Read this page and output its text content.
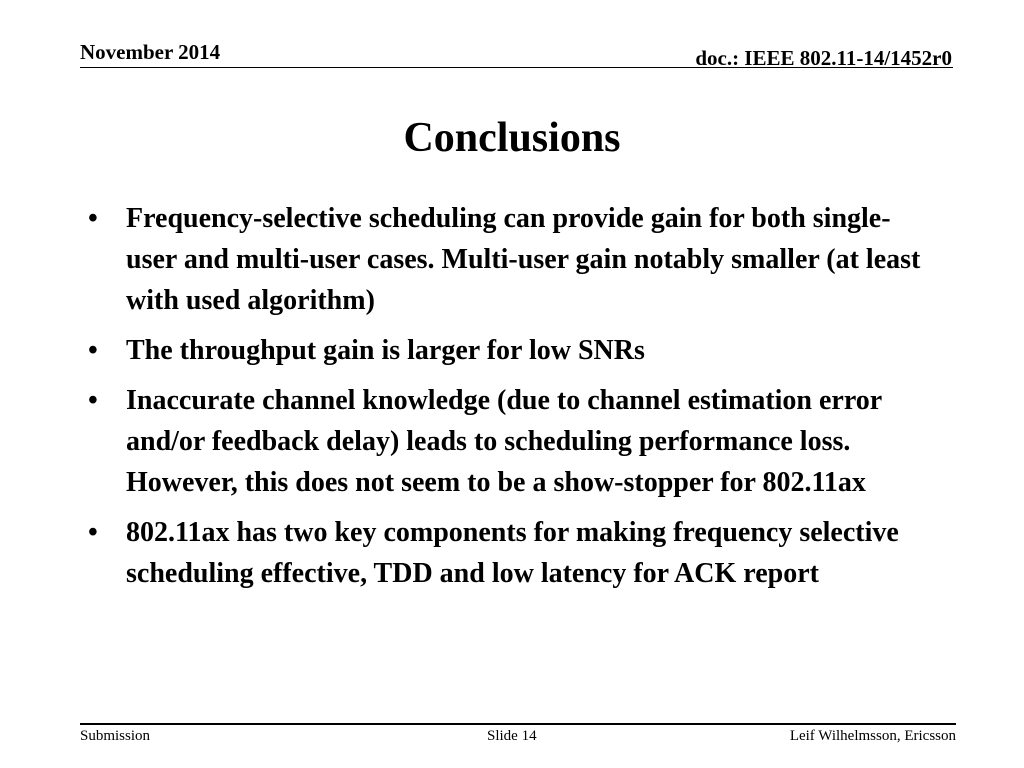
November 2014	doc.: IEEE 802.11-14/1452r0
Conclusions
•	Frequency-selective scheduling can provide gain for both single-user and multi-user cases. Multi-user gain notably smaller (at least with used algorithm)
•	The throughput gain is larger for low SNRs
•	Inaccurate channel knowledge (due to channel estimation error and/or feedback delay) leads to scheduling performance loss. However, this does not seem to be a show-stopper for 802.11ax
•	802.11ax has two key components for making frequency selective scheduling effective, TDD and low latency for ACK report
Submission	Slide 14	Leif Wilhelmsson, Ericsson
